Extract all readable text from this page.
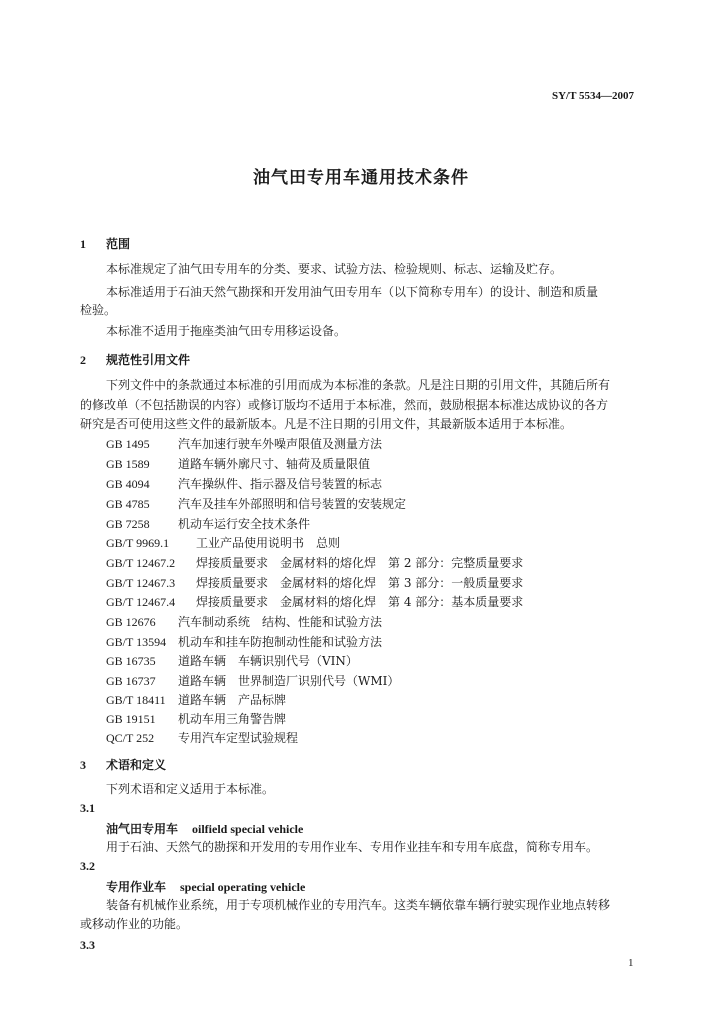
SY/T 5534—2007
油气田专用车通用技术条件
1 范围
本标准规定了油气田专用车的分类、要求、试验方法、检验规则、标志、运输及贮存。
本标准适用于石油天然气勘探和开发用油气田专用车（以下简称专用车）的设计、制造和质量
检验。
本标准不适用于拖座类油气田专用移运设备。
2 规范性引用文件
下列文件中的条款通过本标准的引用而成为本标准的条款。凡是注日期的引用文件，其随后所有
的修改单（不包括勘误的内容）或修订版均不适用于本标准，然而，鼓励根据本标准达成协议的各方
研究是否可使用这些文件的最新版本。凡是不注日期的引用文件，其最新版本适用于本标准。
GB 1495 汽车加速行驶车外噪声限值及测量方法
GB 1589 道路车辆外廓尺寸、轴荷及质量限值
GB 4094 汽车操纵件、指示器及信号装置的标志
GB 4785 汽车及挂车外部照明和信号装置的安装规定
GB 7258 机动车运行安全技术条件
GB/T 9969.1 工业产品使用说明书　总则
GB/T 12467.2 焊接质量要求　金属材料的熔化焊　第 2 部分：完整质量要求
GB/T 12467.3 焊接质量要求　金属材料的熔化焊　第 3 部分：一般质量要求
GB/T 12467.4 焊接质量要求　金属材料的熔化焊　第 4 部分：基本质量要求
GB 12676 汽车制动系统　结构、性能和试验方法
GB/T 13594 机动车和挂车防抱制动性能和试验方法
GB 16735 道路车辆　车辆识别代号（VIN）
GB 16737 道路车辆　世界制造厂识别代号（WMI）
GB/T 18411 道路车辆　产品标牌
GB 19151 机动车用三角警告牌
QC/T 252 专用汽车定型试验规程
3 术语和定义
下列术语和定义适用于本标准。
3.1
油气田专用车 oilfield special vehicle
用于石油、天然气的勘探和开发用的专用作业车、专用作业挂车和专用车底盘，简称专用车。
3.2
专用作业车 special operating vehicle
装备有机械作业系统，用于专项机械作业的专用汽车。这类车辆依靠车辆行驶实现作业地点转移
或移动作业的功能。
3.3
1
